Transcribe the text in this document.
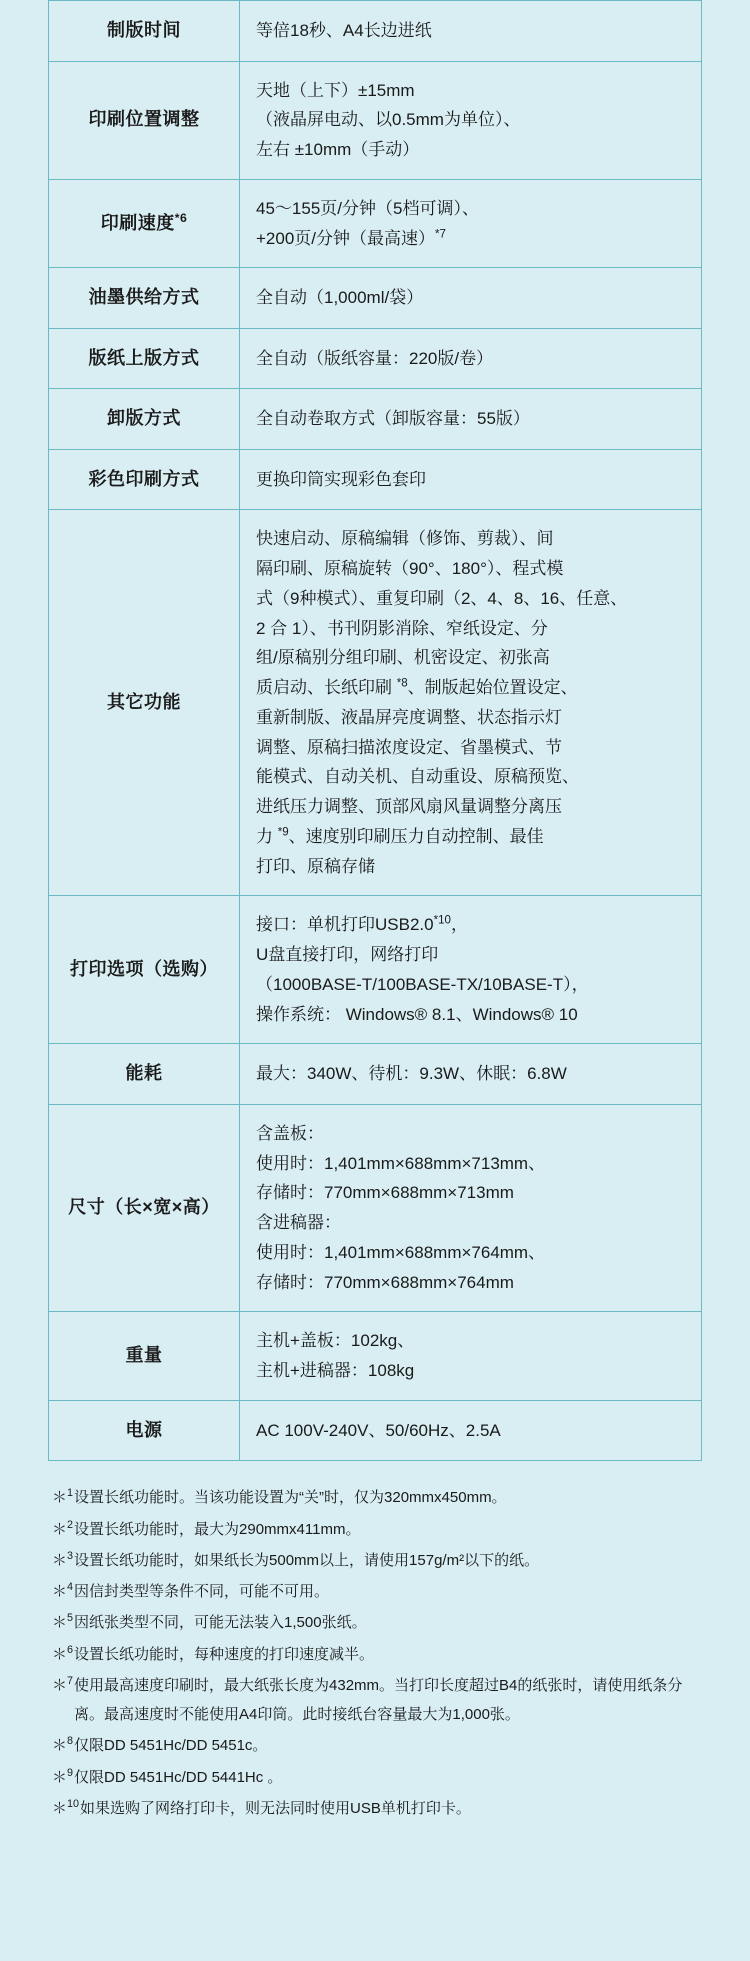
制版时间	等倍18秒、A4长边进纸
印刷位置调整	天地（上下）±15mm
（液晶屏电动、以0.5mm为单位）、
左右 ±10mm（手动）
印刷速度$^{*6}$	45～155页/分钟（5档可调）、
+200页/分钟（最高速）$^{*7}$
油墨供给方式	全自动（1,000ml/袋）
版纸上版方式	全自动（版纸容量：220版/卷）
卸版方式	全自动卷取方式（卸版容量：55版）
彩色印刷方式	更换印筒实现彩色套印
其它功能	快速启动、原稿编辑（修饰、剪裁）、间
隔印刷、原稿旋转（90°、180°）、程式模
式（9种模式）、重复印刷（2、4、8、16、任意、
2 合 1）、书刊阴影消除、窄纸设定、分
组/原稿别分组印刷、机密设定、初张高
质启动、长纸印刷 $^{*8}$、制版起始位置设定、
重新制版、液晶屏亮度调整、状态指示灯
调整、原稿扫描浓度设定、省墨模式、节
能模式、自动关机、自动重设、原稿预览、
进纸压力调整、顶部风扇风量调整分离压
力 $^{*9}$、速度别印刷压力自动控制、最佳
打印、原稿存储
打印选项（选购）	接口：单机打印USB2.0$^{*10}$，
U盘直接打印，网络打印
（1000BASE-T/100BASE-TX/10BASE-T），
操作系统： Windows® 8.1、Windows® 10
能耗	最大：340W、待机：9.3W、休眠：6.8W
尺寸（长×宽×高）	含盖板：
使用时：1,401mm×688mm×713mm、
存储时：770mm×688mm×713mm
含进稿器：
使用时：1,401mm×688mm×764mm、
存储时：770mm×688mm×764mm
重量	主机+盖板：102kg、
主机+进稿器：108kg
电源	AC 100V-240V、50/60Hz、2.5A
＊$^1$ 设置长纸功能时。当该功能设置为“关”时，仅为320mmx450mm。
＊$^2$ 设置长纸功能时，最大为290mmx411mm。
＊$^3$ 设置长纸功能时，如果纸长为500mm以上，请使用157g/m²以下的纸。
＊$^4$ 因信封类型等条件不同，可能不可用。
＊$^5$ 因纸张类型不同，可能无法装入1,500张纸。
＊$^6$ 设置长纸功能时，每种速度的打印速度减半。
＊$^7$ 使用最高速度印刷时，最大纸张长度为432mm。当打印长度超过B4的纸张时，请使用纸条分离。最高速度时不能使用A4印筒。此时接纸台容量最大为1,000张。
＊$^8$ 仅限DD 5451Hc/DD 5451c。
＊$^9$ 仅限DD 5451Hc/DD 5441Hc 。
＊$^{10}$ 如果选购了网络打印卡，则无法同时使用USB单机打印卡。
